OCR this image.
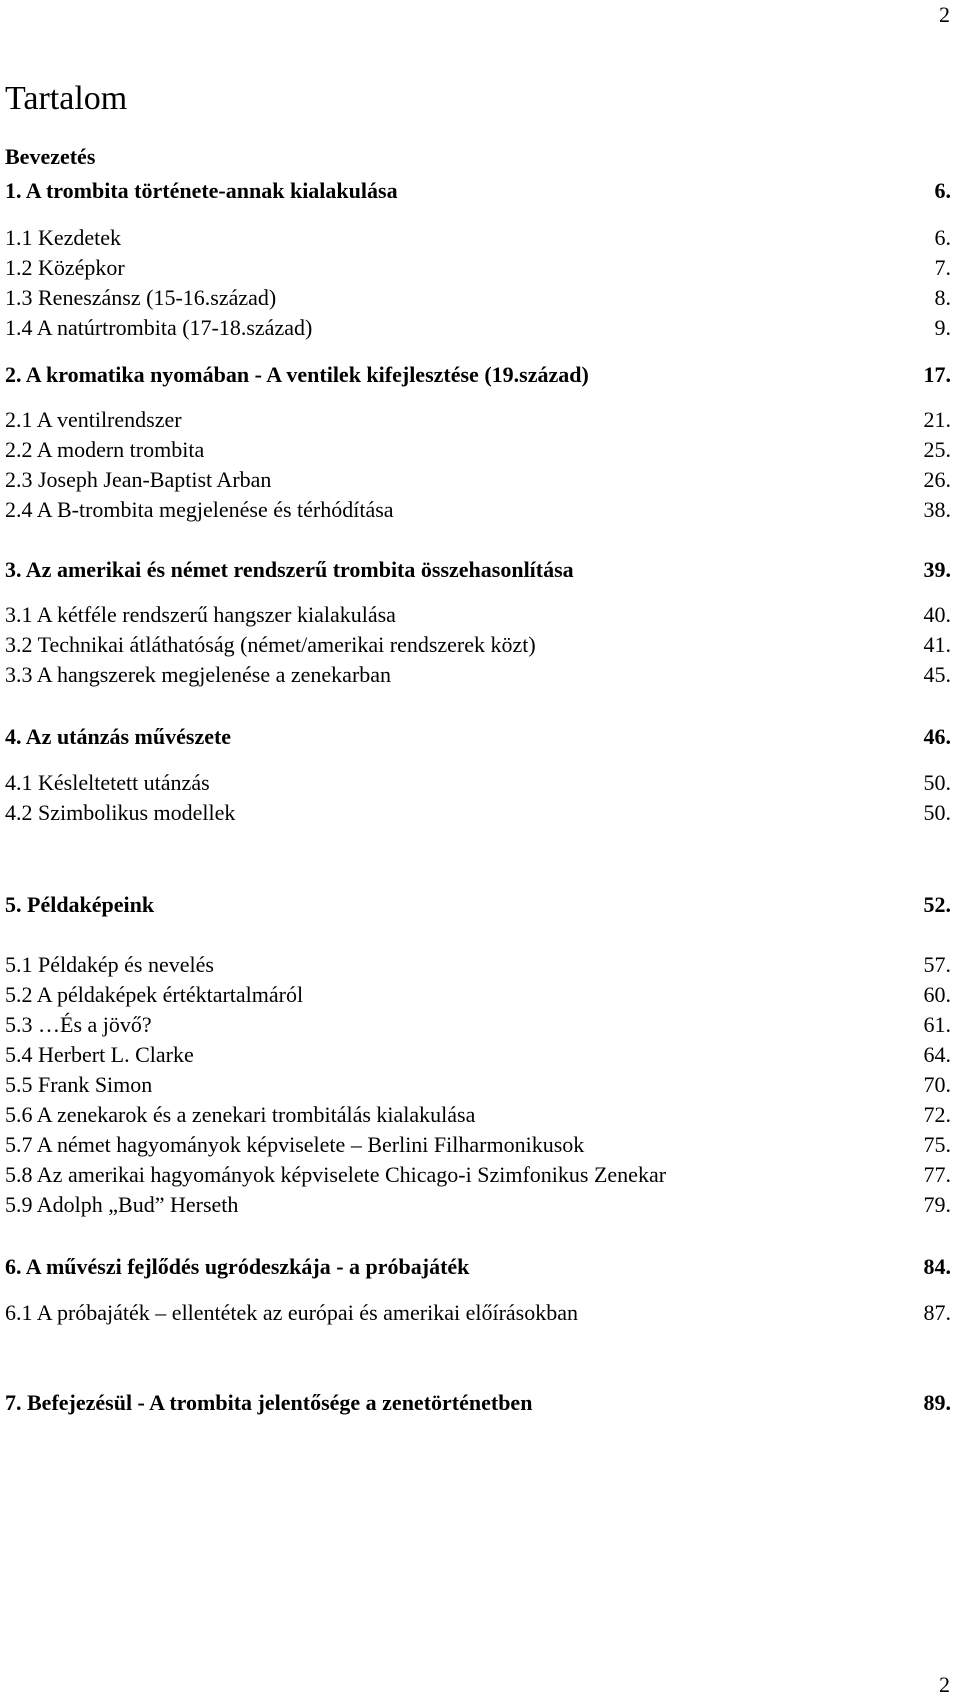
2
Tartalom
Bevezetés
1. A trombita története-annak kialakulása	6.
1.1 Kezdetek	6.
1.2 Középkor	7.
1.3 Reneszánsz (15-16.század)	8.
1.4 A natúrtrombita (17-18.század)	9.
2. A kromatika nyomában - A ventilek kifejlesztése (19.század)	17.
2.1 A ventilrendszer	21.
2.2 A modern trombita	25.
2.3 Joseph Jean-Baptist Arban	26.
2.4 A B-trombita megjelenése és térhódítása	38.
3. Az amerikai és német rendszerű trombita összehasonlítása	39.
3.1 A kétféle rendszerű hangszer kialakulása	40.
3.2 Technikai átláthatóság (német/amerikai rendszerek közt)	41.
3.3 A hangszerek megjelenése a zenekarban	45.
4. Az utánzás művészete	46.
4.1 Késleltetett utánzás	50.
4.2 Szimbolikus modellek	50.
5. Példaképeink	52.
5.1 Példakép és nevelés	57.
5.2 A példaképek értéktartalmáról	60.
5.3 …És a jövő?	61.
5.4 Herbert L. Clarke	64.
5.5 Frank Simon	70.
5.6 A zenekarok és a zenekari trombitálás kialakulása	72.
5.7 A német hagyományok képviselete – Berlini Filharmonikusok	75.
5.8 Az amerikai hagyományok képviselete Chicago-i Szimfonikus Zenekar	77.
5.9 Adolph „Bud” Herseth	79.
6. A művészi fejlődés ugródeszkája - a próbajáték	84.
6.1 A próbajáték – ellentétek az európai és amerikai előírásokban	87.
7. Befejezésül - A trombita jelentősége a zenetörténetben	89.
2
